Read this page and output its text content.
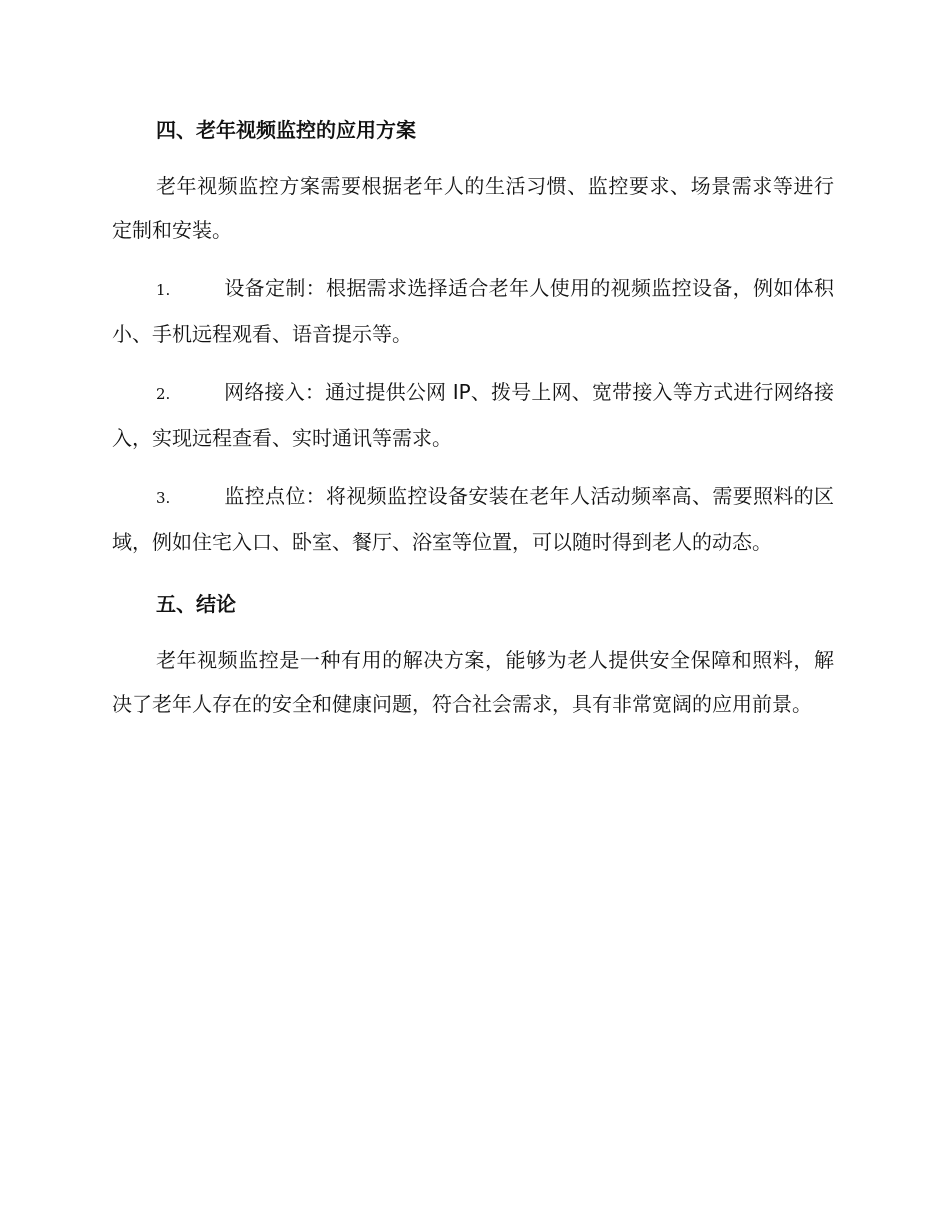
四、老年视频监控的应用方案

老年视频监控方案需要根据老年人的生活习惯、监控要求、场景需求等进行定制和安装。

1.	设备定制：根据需求选择适合老年人使用的视频监控设备，例如体积小、手机远程观看、语音提示等。

2.	网络接入：通过提供公网 IP、拨号上网、宽带接入等方式进行网络接入，实现远程查看、实时通讯等需求。

3.	监控点位：将视频监控设备安装在老年人活动频率高、需要照料的区域，例如住宅入口、卧室、餐厅、浴室等位置，可以随时得到老人的动态。

五、结论

老年视频监控是一种有用的解决方案，能够为老人提供安全保障和照料，解决了老年人存在的安全和健康问题，符合社会需求，具有非常宽阔的应用前景。
